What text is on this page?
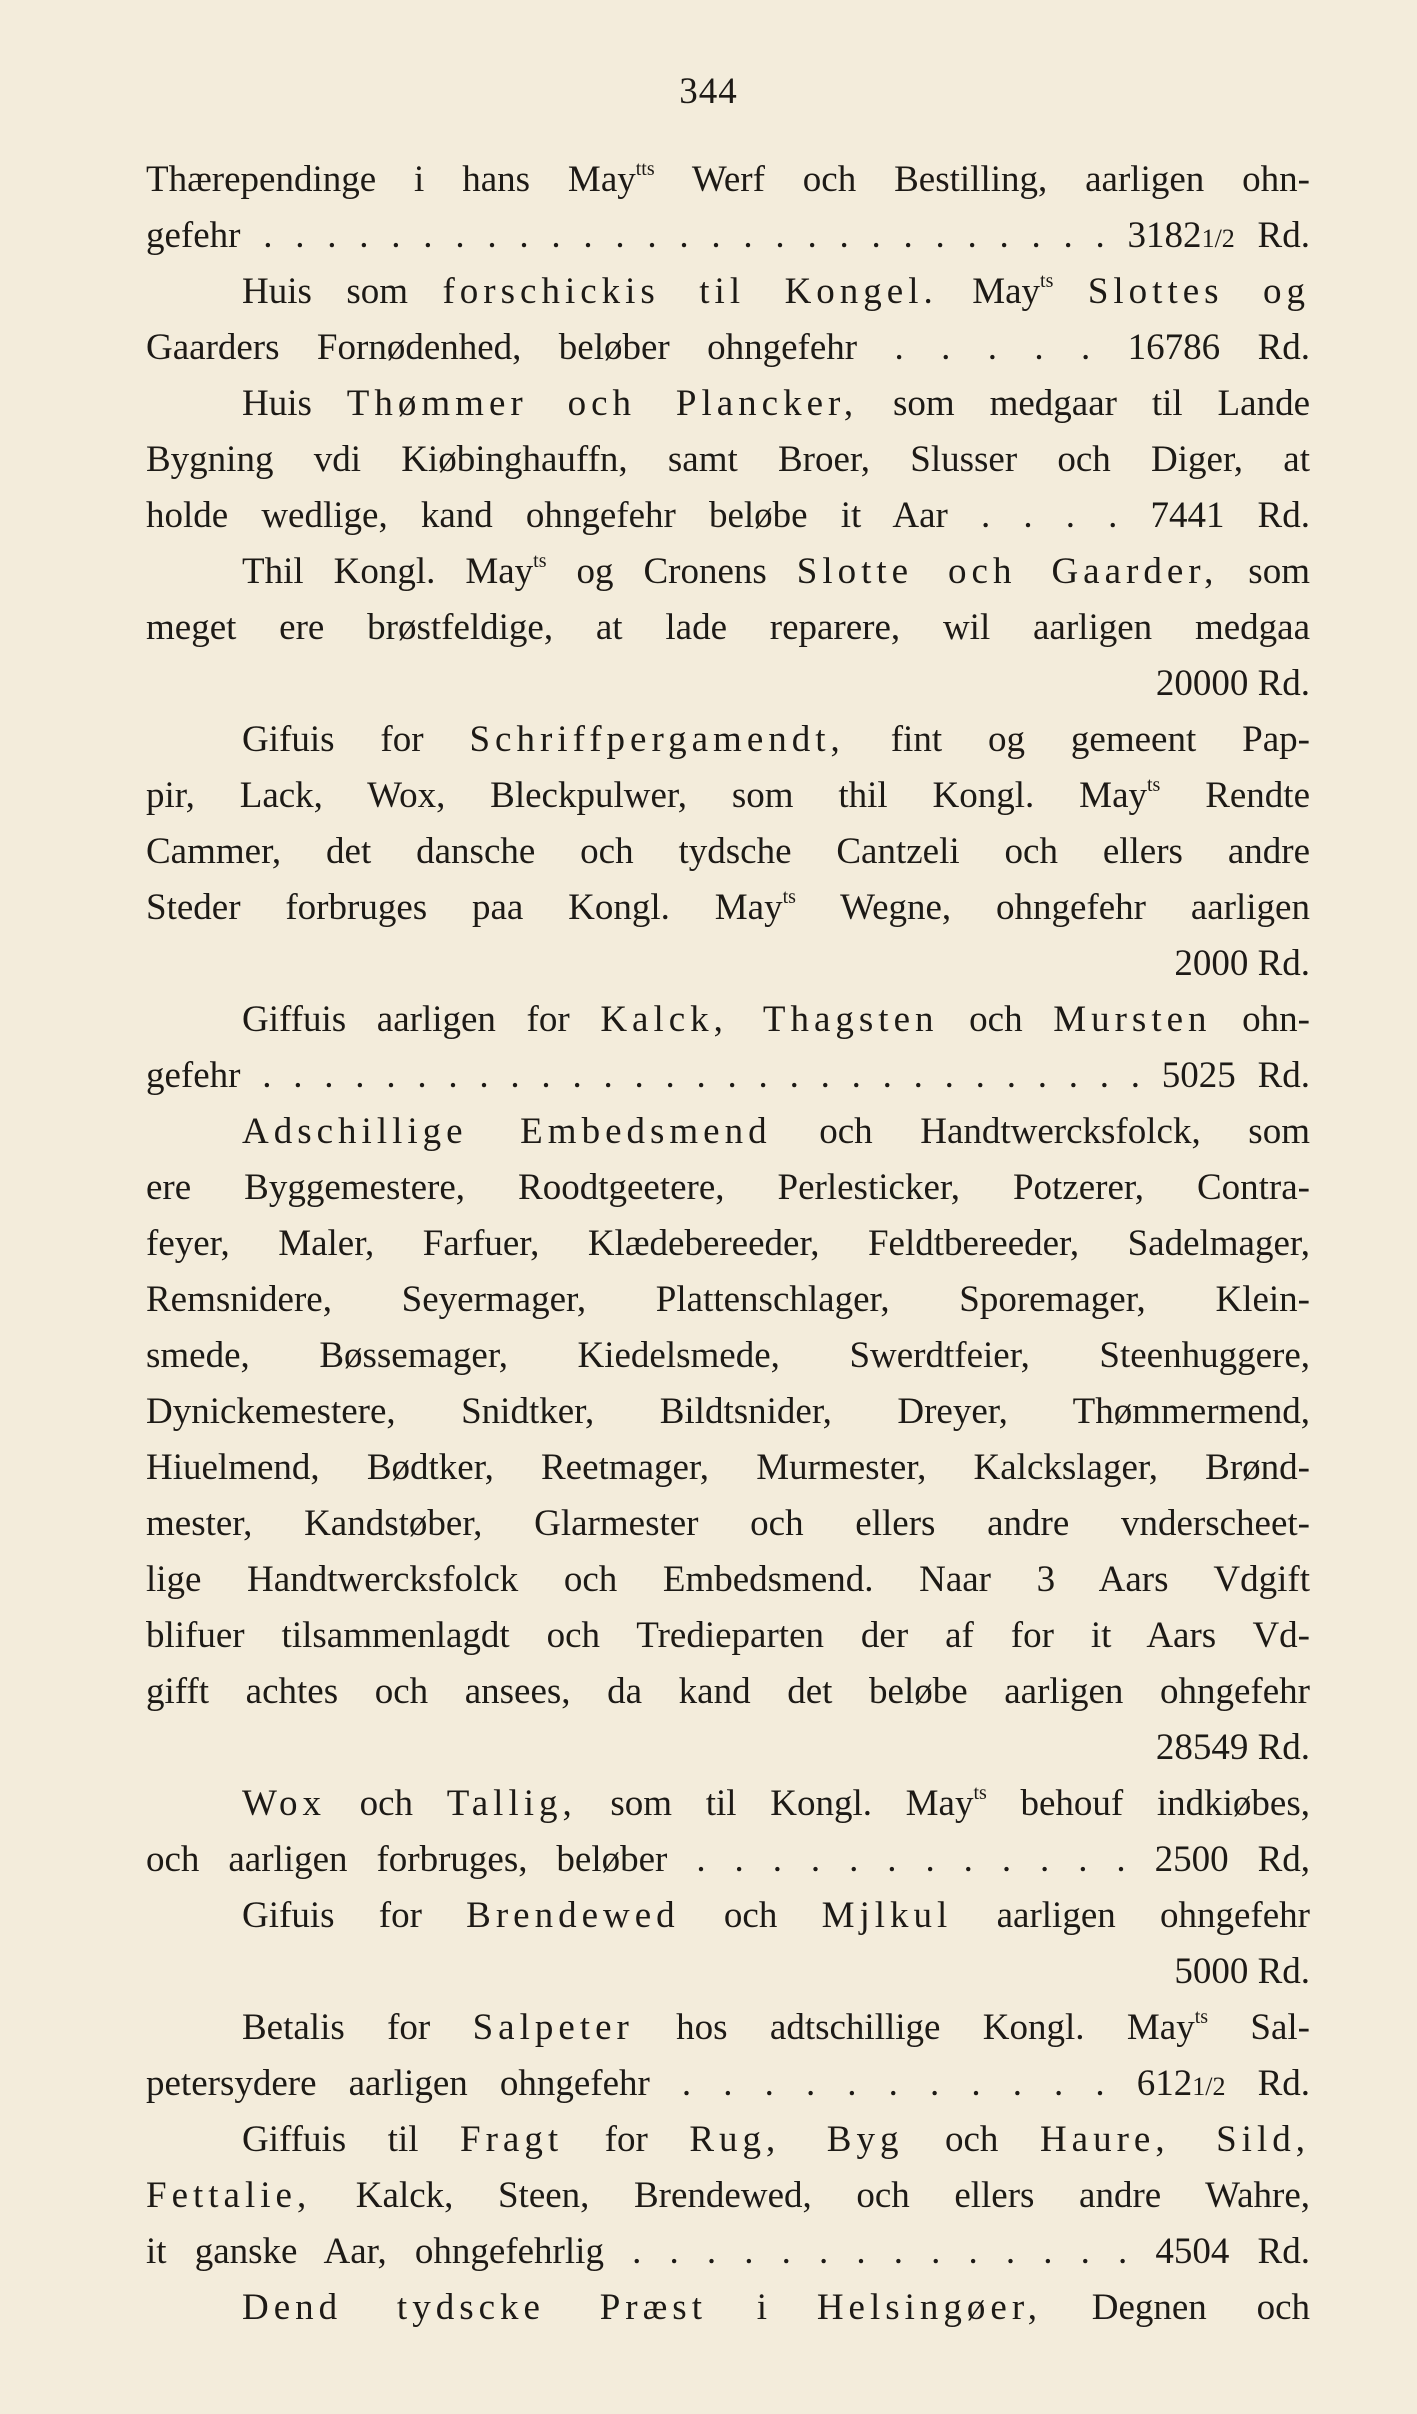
344
Thærependinge i hans May$^{tts}$ Werf och Bestilling, aarligen ohn-
gefehr . . . . . . . . . . . . . . . . . . . . . . . . . . . 31821/2 Rd.
Huis som forschickis til Kongel. May$^{ts}$ Slottes og
Gaarders Fornødenhed, beløber ohngefehr . . . . . 16786 Rd.
Huis Thømmer och Plancker, som medgaar til Lande
Bygning vdi Kiøbinghauffn, samt Broer, Slusser och Diger, at
holde wedlige, kand ohngefehr beløbe it Aar . . . . 7441 Rd.
Thil Kongl. May$^{ts}$ og Cronens Slotte och Gaarder, som
meget ere brøstfeldige, at lade reparere, wil aarligen medgaa
20000 Rd.
Gifuis for Schriffpergamendt, fint og gemeent Pap-
pir, Lack, Wox, Bleckpulwer, som thil Kongl. May$^{ts}$ Rendte
Cammer, det dansche och tydsche Cantzeli och ellers andre
Steder forbruges paa Kongl. May$^{ts}$ Wegne, ohngefehr aarligen
2000 Rd.
Giffuis aarligen for Kalck, Thagsten och Mursten ohn-
gefehr . . . . . . . . . . . . . . . . . . . . . . . . . . . . . 5025 Rd.
Adschillige Embedsmend och Handtwercksfolck, som
ere Byggemestere, Roodtgeetere, Perlesticker, Potzerer, Contra-
feyer, Maler, Farfuer, Klædebereeder, Feldtbereeder, Sadelmager,
Remsnidere, Seyermager, Plattenschlager, Sporemager, Klein-
smede, Bøssemager, Kiedelsmede, Swerdtfeier, Steenhuggere,
Dynickemestere, Snidtker, Bildtsnider, Dreyer, Thømmermend,
Hiuelmend, Bødtker, Reetmager, Murmester, Kalckslager, Brønd-
mester, Kandstøber, Glarmester och ellers andre vnderscheet-
lige Handtwercksfolck och Embedsmend. Naar 3 Aars Vdgift
blifuer tilsammenlagdt och Tredieparten der af for it Aars Vd-
gifft achtes och ansees, da kand det beløbe aarligen ohngefehr
28549 Rd.
Wox och Tallig, som til Kongl. May$^{ts}$ behouf indkiøbes,
och aarligen forbruges, beløber . . . . . . . . . . . . 2500 Rd,
Gifuis for Brendewed och Mjlkul aarligen ohngefehr
5000 Rd.
Betalis for Salpeter hos adtschillige Kongl. May$^{ts}$ Sal-
petersydere aarligen ohngefehr . . . . . . . . . . . 6121/2 Rd.
Giffuis til Fragt for Rug, Byg och Haure, Sild,
Fettalie, Kalck, Steen, Brendewed, och ellers andre Wahre,
it ganske Aar, ohngefehrlig . . . . . . . . . . . . . . 4504 Rd.
Dend tydscke Præst i Helsingøer, Degnen och
